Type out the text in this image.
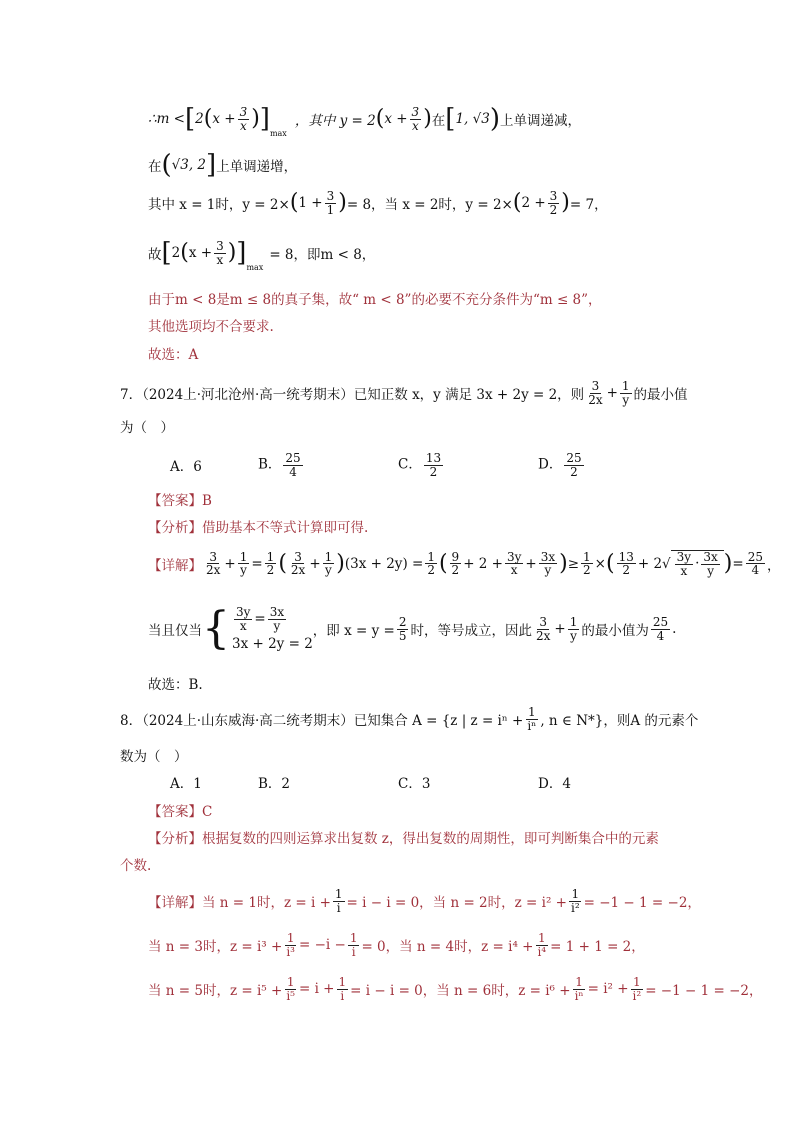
∴m < [ 2 ( $x + \frac{3}{x}$ ) ] max
，其中 y = 2 ( $x + \frac{3}{x}$ ) 在 [ 1, √3 ) 上单调递减，
在 ( √3, 2 ] 上单调递增，
其中 x = 1时，y = 2× ( $1 + \frac{3}{1}$ ) = 8，当 x = 2时，y = 2× ( $2 + \frac{3}{2}$ ) = 7，
故 [ 2 ( $x + \frac{3}{x}$ ) ] max
= 8，即m < 8，
由于m < 8是m ≤ 8的真子集，故“ m < 8”的必要不充分条件为“m ≤ 8”，
其他选项均不合要求.
故选：A
7．（2024上·河北沧州·高一统考期末）已知正数 x，y 满足 3x + 2y = 2，则 $\frac{3}{2x} + \frac{1}{y}$ 的最小值
为（　）
A．6	B． $\frac{25}{4}$	C． $\frac{13}{2}$	D． $\frac{25}{2}$
【答案】B
【分析】 借助基本不等式计算即可得.
【详解】 $\frac{3}{2x} + \frac{1}{y} = \frac{1}{2}$ ( $\frac{3}{2x} + \frac{1}{y}$ ) $(3x + 2y) = \frac{1}{2}$ ( $\frac{9}{2} + 2 + \frac{3y}{x} + \frac{3x}{y}$ ) ≥ $\frac{1}{2}$ × ( $\frac{13}{2} + 2√ \frac{3y}{x} \cdot \frac{3x}{y}$ ) = $\frac{25}{4}$ ，
当且仅当 { $\frac{3y}{x} = \frac{3x}{y}$
3x + 2y = 2
，即 $x = y = \frac{2}{5}$ 时，等号成立，因此 $\frac{3}{2x} + \frac{1}{y}$ 的最小值为 $\frac{25}{4}$ .
故选：B.
8．（2024上·山东威海·高二统考期末）已知集合 A = {z | $z = i^n + \frac{1}{\text{iⁿ}}$ , n ∈ N*}，则A 的元素个
数为（　）
A．1	B．2	C．3	D．4
【答案】C
【分析】 根据复数的四则运算求出复数 z，得出复数的周期性，即可判断集合中的元素
个数.
【详解】 当 n = 1时，$z = i + \frac{1}{i} = i - i = 0$，当 n = 2时，$z = i^2 + \frac{1}{\text{i²}} = -1 - 1 = -2$，
当 n = 3时，$z = i^3 + \frac{1}{\text{i³}} = -i - \frac{1}{i} = 0$，当 n = 4时，$z = i^4 + \frac{1}{\text{i⁴}} = 1 + 1 = 2$，
当 n = 5时，$z = i^5 + \frac{1}{\text{i⁵}} = i + \frac{1}{i} = i - i = 0$，当 n = 6时，$z = i^6 + \frac{1}{\text{iⁿ}} = i^2 + \frac{1}{\text{i²}} = -1 - 1 = -2$，
